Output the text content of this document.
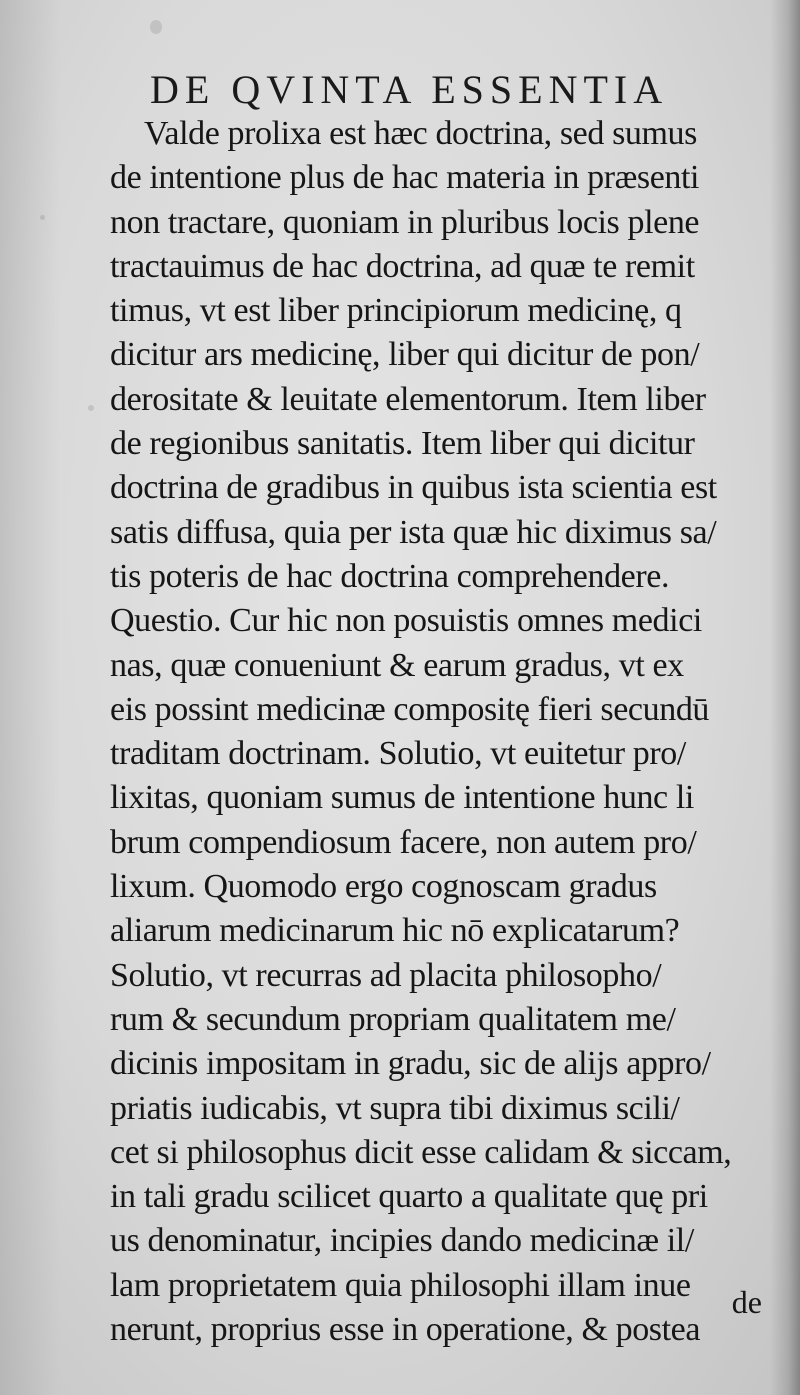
DE QVINTA ESSENTIA
Valde prolixa est hæc doctrina, sed sumus
de intentione plus de hac materia in præsenti
non tractare, quoniam in pluribus locis plene
tractauimus de hac doctrina, ad quæ te remit
timus, vt est liber principiorum medicinę, q
dicitur ars medicinę, liber qui dicitur de pon/
derositate & leuitate elementorum. Item liber
de regionibus sanitatis. Item liber qui dicitur
doctrina de gradibus in quibus ista scientia est
satis diffusa, quia per ista quæ hic diximus sa/
tis poteris de hac doctrina comprehendere.
Questio. Cur hic non posuistis omnes medici
nas, quæ conueniunt & earum gradus, vt ex
eis possint medicinæ compositę fieri secundū
traditam doctrinam. Solutio, vt euitetur pro/
lixitas, quoniam sumus de intentione hunc li
brum compendiosum facere, non autem pro/
lixum. Quomodo ergo cognoscam gradus
aliarum medicinarum hic nō explicatarum?
Solutio, vt recurras ad placita philosopho/
rum & secundum propriam qualitatem me/
dicinis impositam in gradu, sic de alijs appro/
priatis iudicabis, vt supra tibi diximus scili/
cet si philosophus dicit esse calidam & siccam,
in tali gradu scilicet quarto a qualitate quę pri
us denominatur, incipies dando medicinæ il/
lam proprietatem quia philosophi illam inue
nerunt, proprius esse in operatione, & postea

de
